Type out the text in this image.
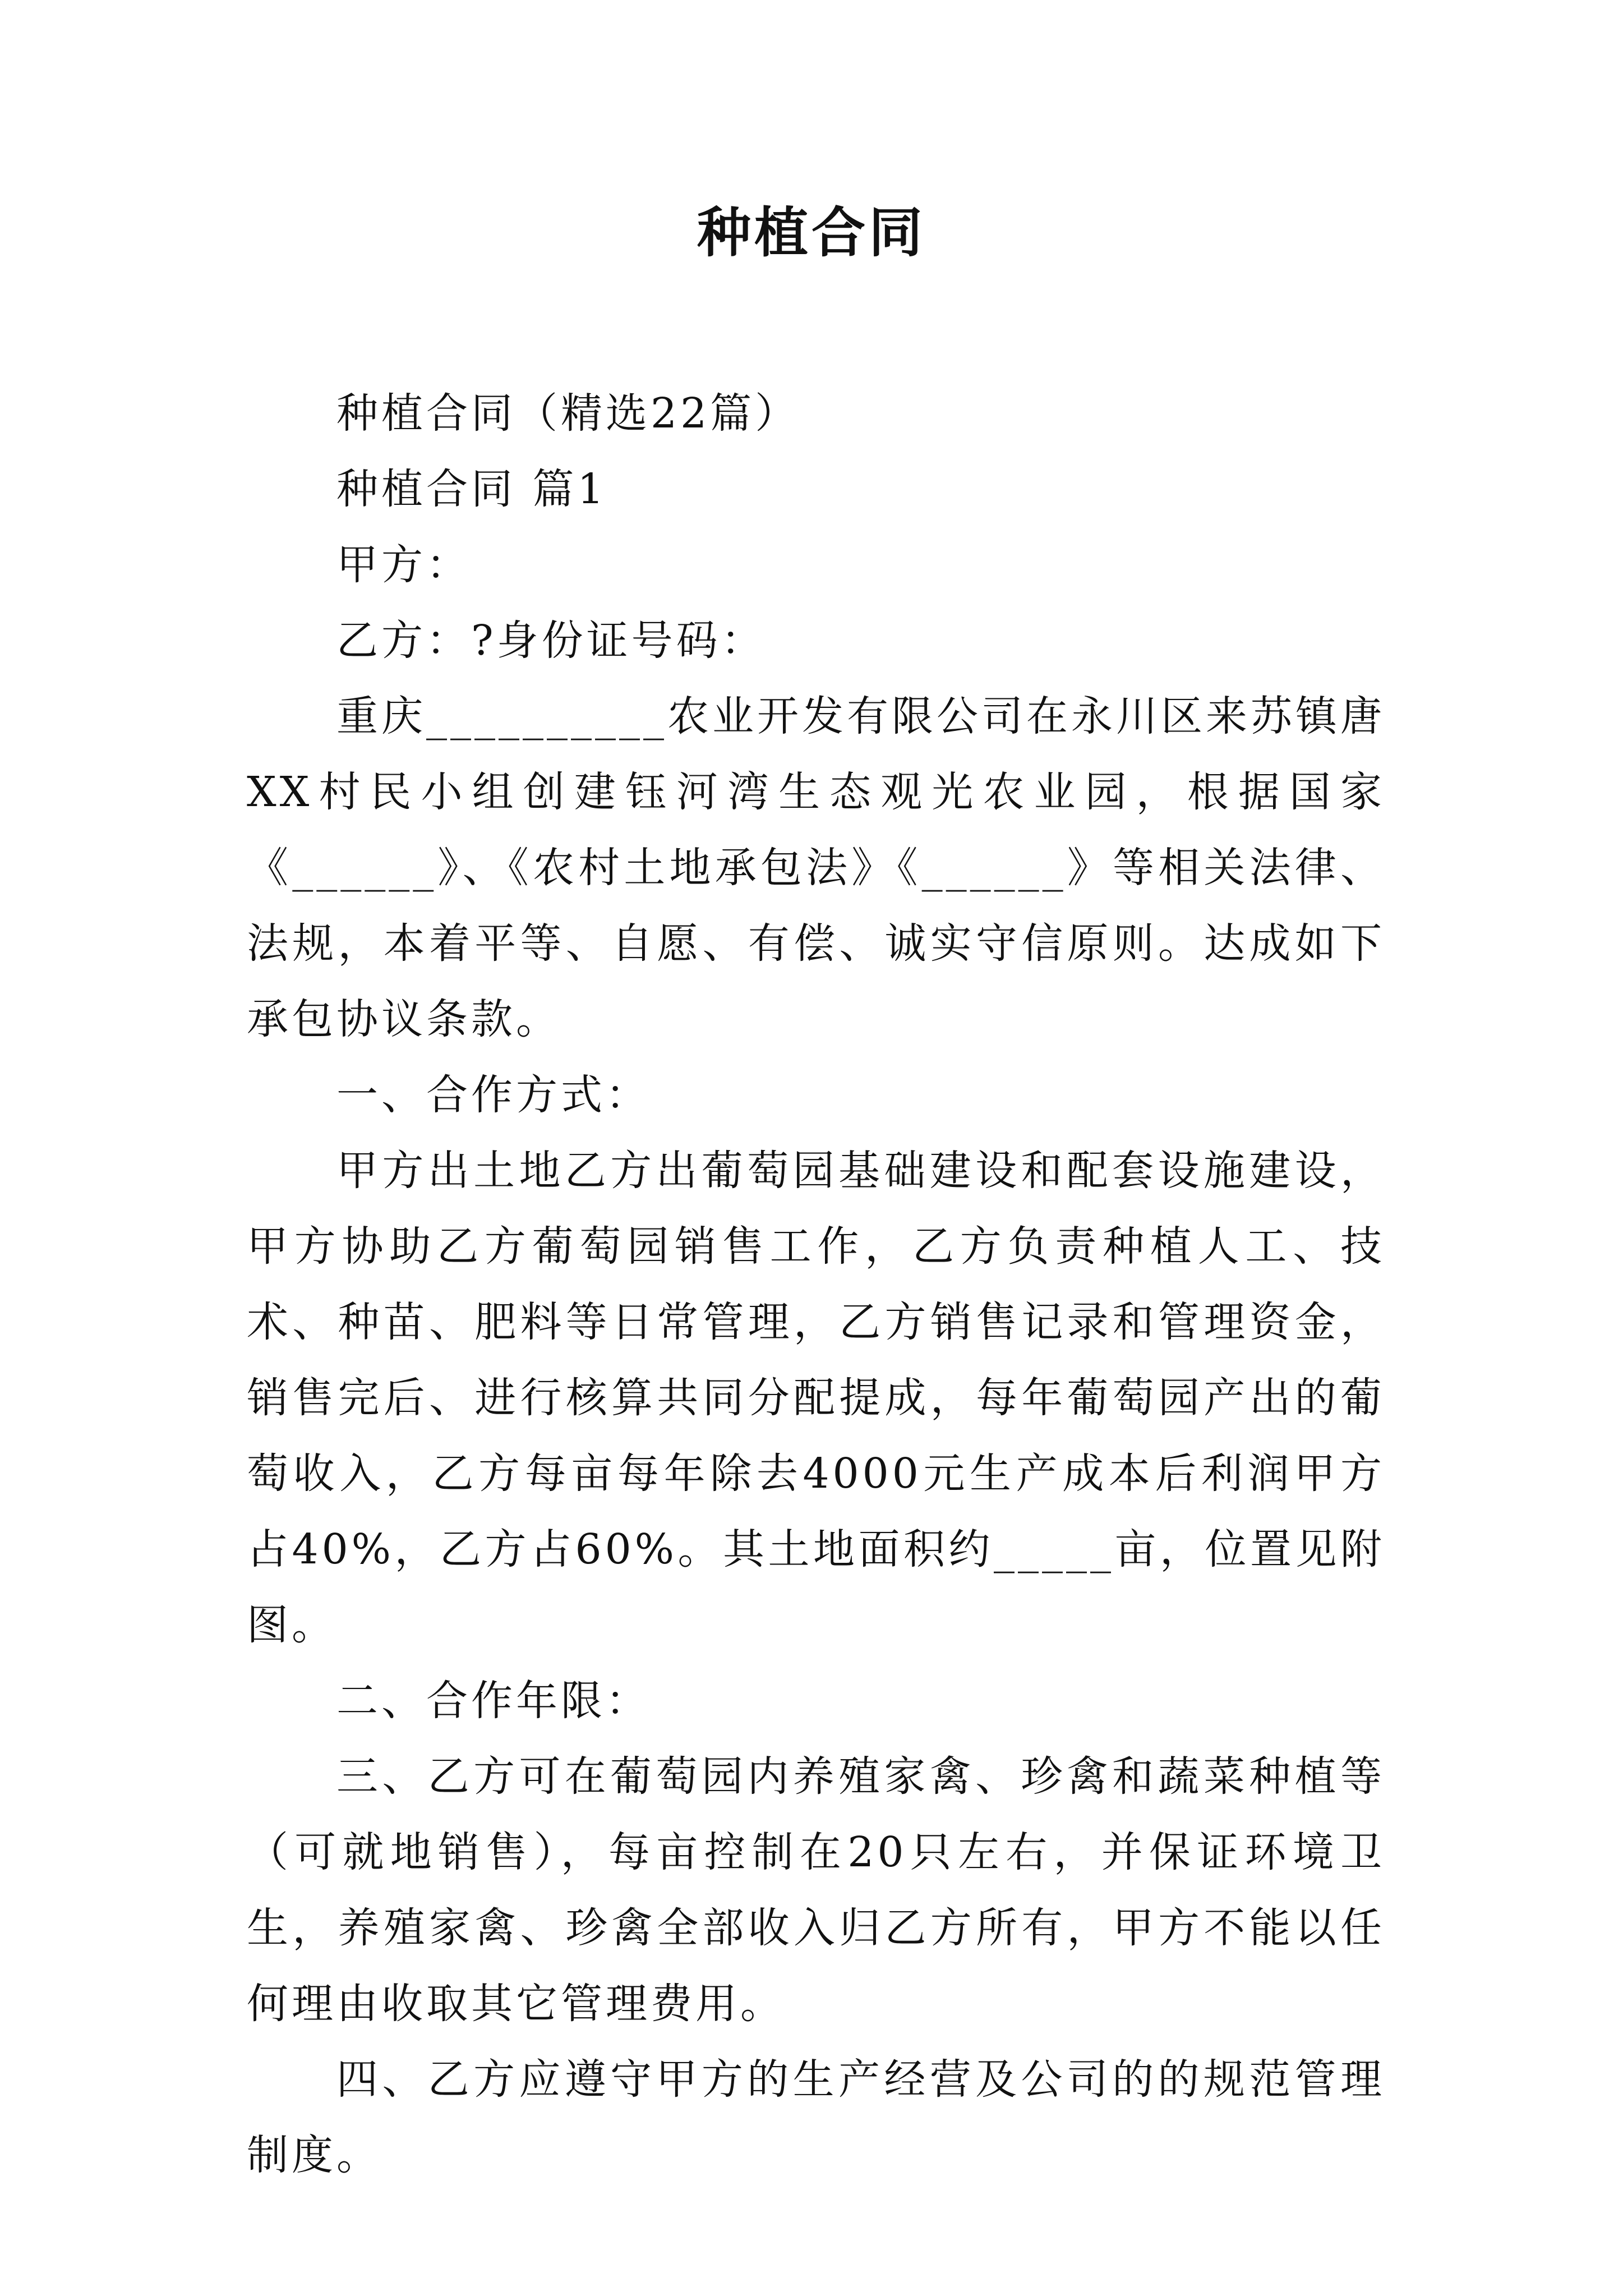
种植合同

种植合同（精选22篇）

种植合同 篇1

甲方：

乙方：?身份证号码：

重庆__________农业开发有限公司在永川区来苏镇唐XX村民小组创建钰河湾生态观光农业园，根据国家《______》、《农村土地承包法》《______》等相关法律、法规，本着平等、自愿、有偿、诚实守信原则。达成如下承包协议条款。

一、合作方式：

甲方出土地乙方出葡萄园基础建设和配套设施建设，甲方协助乙方葡萄园销售工作，乙方负责种植人工、技术、种苗、肥料等日常管理，乙方销售记录和管理资金，销售完后、进行核算共同分配提成，每年葡萄园产出的葡萄收入，乙方每亩每年除去4000元生产成本后利润甲方占40%，乙方占60%。其土地面积约_____亩，位置见附图。

二、合作年限：

三、乙方可在葡萄园内养殖家禽、珍禽和蔬菜种植等（可就地销售），每亩控制在20只左右，并保证环境卫生，养殖家禽、珍禽全部收入归乙方所有，甲方不能以任何理由收取其它管理费用。

四、乙方应遵守甲方的生产经营及公司的的规范管理制度。
